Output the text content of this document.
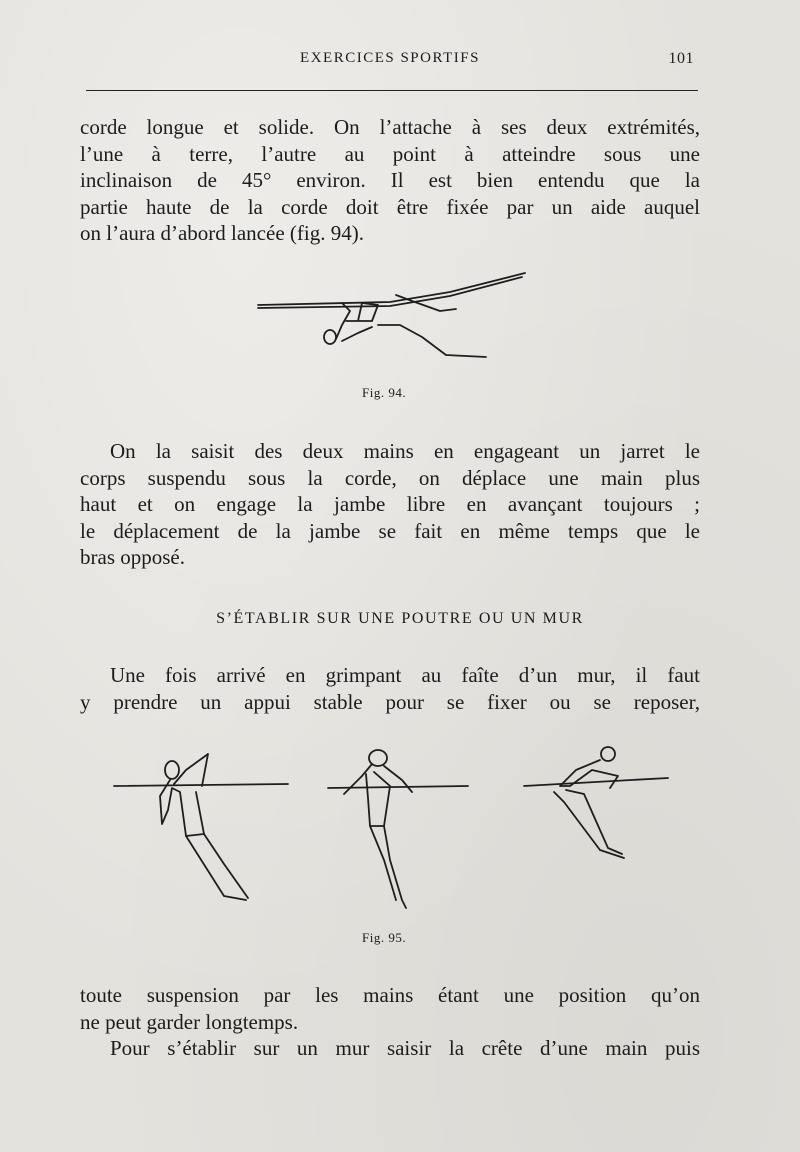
EXERCICES SPORTIFS	101
corde longue et solide. On l’attache à ses deux extrémités,
l’une à terre, l’autre au point à atteindre sous une
inclinaison de 45° environ. Il est bien entendu que la
partie haute de la corde doit être fixée par un aide auquel
on l’aura d’abord lancée (fig. 94).
Fig. 94.
On la saisit des deux mains en engageant un jarret le
corps suspendu sous la corde, on déplace une main plus
haut et on engage la jambe libre en avançant toujours ;
le déplacement de la jambe se fait en même temps que le
bras opposé.
S’ÉTABLIR SUR UNE POUTRE OU UN MUR
Une fois arrivé en grimpant au faîte d’un mur, il faut
y prendre un appui stable pour se fixer ou se reposer,
Fig. 95.
toute suspension par les mains étant une position qu’on
ne peut garder longtemps.
Pour s’établir sur un mur saisir la crête d’une main puis
